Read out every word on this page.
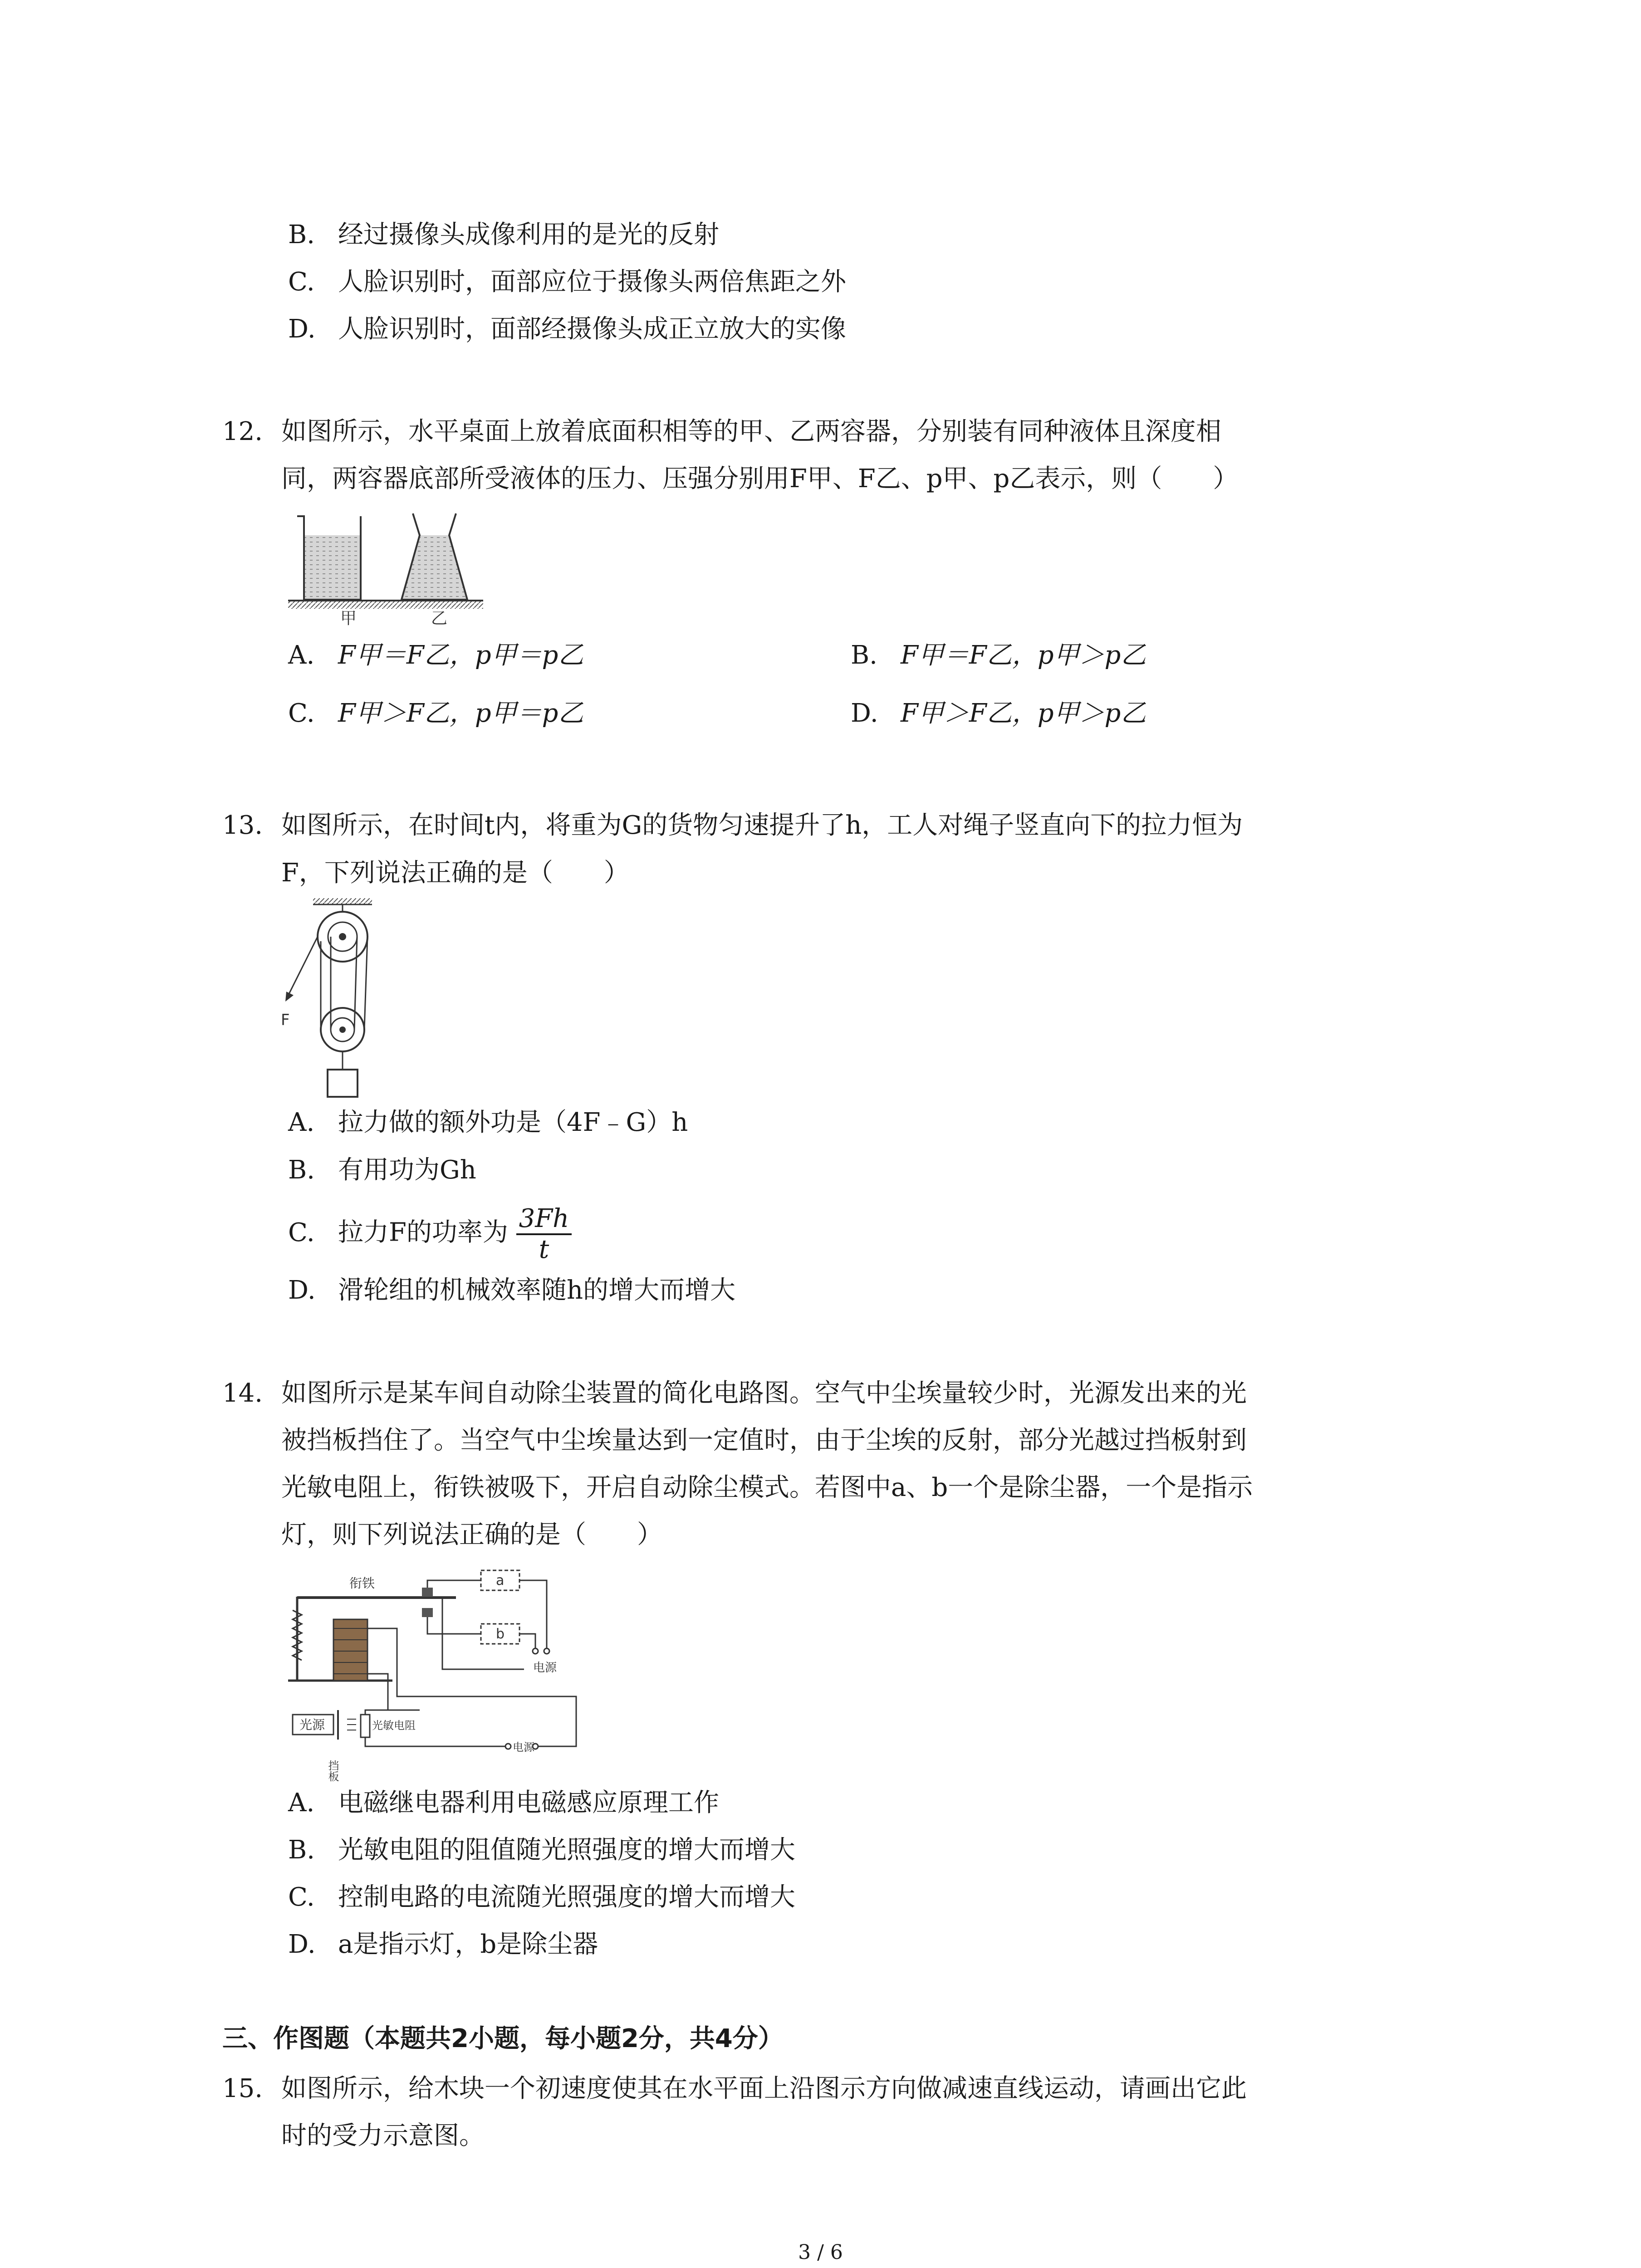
B. 经过摄像头成像利用的是光的反射
C. 人脸识别时，面部应位于摄像头两倍焦距之外
D. 人脸识别时，面部经摄像头成正立放大的实像
12. 如图所示，水平桌面上放着底面积相等的甲、乙两容器，分别装有同种液体且深度相
同，两容器底部所受液体的压力、压强分别用F甲、F乙、p甲、p乙表示，则（　　）
甲	乙
A. F甲＝F乙，p甲＝p乙	B. F甲＝F乙，p甲＞p乙
C. F甲＞F乙，p甲＝p乙	D. F甲＞F乙，p甲＞p乙
13. 如图所示，在时间t内，将重为G的货物匀速提升了h，工人对绳子竖直向下的拉力恒为
F，下列说法正确的是（　　）
F
A. 拉力做的额外功是（4F﹣G）h
B. 有用功为Gh
C. 拉力F的功率为 $\frac{3Fh}{t}$
D. 滑轮组的机械效率随h的增大而增大
14. 如图所示是某车间自动除尘装置的简化电路图。空气中尘埃量较少时，光源发出来的光
被挡板挡住了。当空气中尘埃量达到一定值时，由于尘埃的反射，部分光越过挡板射到
光敏电阻上，衔铁被吸下，开启自动除尘模式。若图中a、b一个是除尘器，一个是指示
灯，则下列说法正确的是（　　）
衔铁	a
b
电源
光源	光敏电阻
电源
挡板
A. 电磁继电器利用电磁感应原理工作
B. 光敏电阻的阻值随光照强度的增大而增大
C. 控制电路的电流随光照强度的增大而增大
D. a是指示灯，b是除尘器
三、作图题（本题共2小题，每小题2分，共4分）
15. 如图所示，给木块一个初速度使其在水平面上沿图示方向做减速直线运动，请画出它此
时的受力示意图。
3 / 6
